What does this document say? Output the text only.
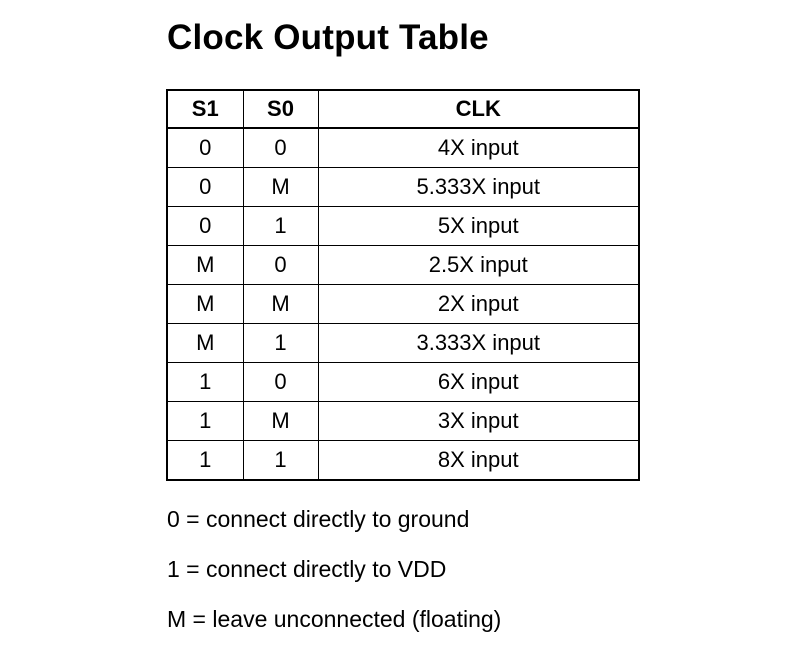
Clock Output Table
S1	S0	CLK
0	0	4X input
0	M	5.333X input
0	1	5X input
M	0	2.5X input
M	M	2X input
M	1	3.333X input
1	0	6X input
1	M	3X input
1	1	8X input
0 = connect directly to ground
1 = connect directly to VDD
M = leave unconnected (floating)
